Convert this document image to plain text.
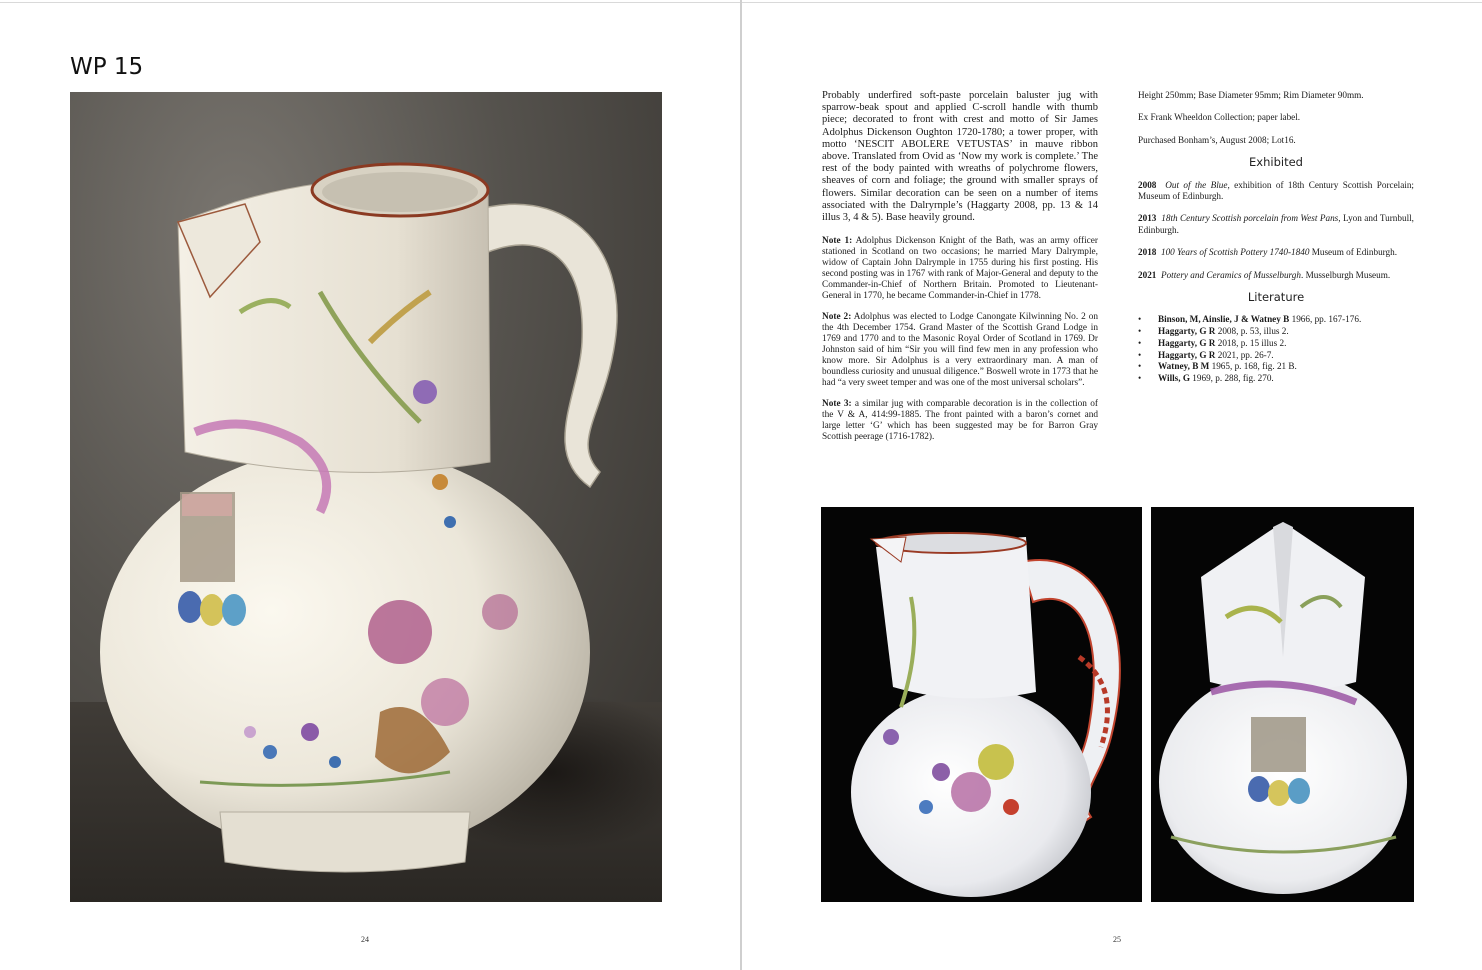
WP 15

Probably underfired soft-paste porcelain baluster jug with sparrow-beak spout and applied C-scroll handle with thumb piece; decorated to front with crest and motto of Sir James Adolphus Dickenson Oughton 1720-1780; a tower proper, with motto ‘NESCIT ABOLERE VETUSTAS’ in mauve ribbon above. Translated from Ovid as ‘Now my work is complete.’ The rest of the body painted with wreaths of polychrome flowers, sheaves of corn and foliage; the ground with smaller sprays of flowers. Similar decoration can be seen on a number of items associated with the Dalryrnple’s (Haggarty 2008, pp. 13 & 14 illus 3, 4 & 5). Base heavily ground.

Note 1: Adolphus Dickenson Knight of the Bath, was an army officer stationed in Scotland on two occasions; he married Mary Dalrymple, widow of Captain John Dalrymple in 1755 during his first posting. His second posting was in 1767 with rank of Major-General and deputy to the Commander-in-Chief of Northern Britain. Promoted to Lieutenant-General in 1770, he became Commander-in-Chief in 1778.

Note 2: Adolphus was elected to Lodge Canongate Kilwinning No. 2 on the 4th December 1754. Grand Master of the Scottish Grand Lodge in 1769 and 1770 and to the Masonic Royal Order of Scotland in 1769. Dr Johnston said of him “Sir you will find few men in any profession who know more. Sir Adolphus is a very extraordinary man. A man of boundless curiosity and unusual diligence.” Boswell wrote in 1773 that he had “a very sweet temper and was one of the most universal scholars”.

Note 3: a similar jug with comparable decoration is in the collection of the V & A, 414:99-1885. The front painted with a baron’s cornet and large letter ‘G’ which has been suggested may be for Barron Gray Scottish peerage (1716-1782).

Height 250mm; Base Diameter 95mm; Rim Diameter 90mm.

Ex Frank Wheeldon Collection; paper label.

Purchased Bonham’s, August 2008; Lot16.

Exhibited

2008 Out of the Blue, exhibition of 18th Century Scottish Porcelain; Museum of Edinburgh.

2013 18th Century Scottish porcelain from West Pans, Lyon and Turnbull, Edinburgh.

2018 100 Years of Scottish Pottery 1740-1840 Museum of Edinburgh.

2021 Pottery and Ceramics of Musselburgh. Musselburgh Museum.

Literature
• Binson, M, Ainslie, J & Watney B 1966, pp. 167-176.
• Haggarty, G R 2008, p. 53, illus 2.
• Haggarty, G R 2018, p. 15 illus 2.
• Haggarty, G R 2021, pp. 26-7.
• Watney, B M 1965, p. 168, fig. 21 B.
• Wills, G 1969, p. 288, fig. 270.
24	25
